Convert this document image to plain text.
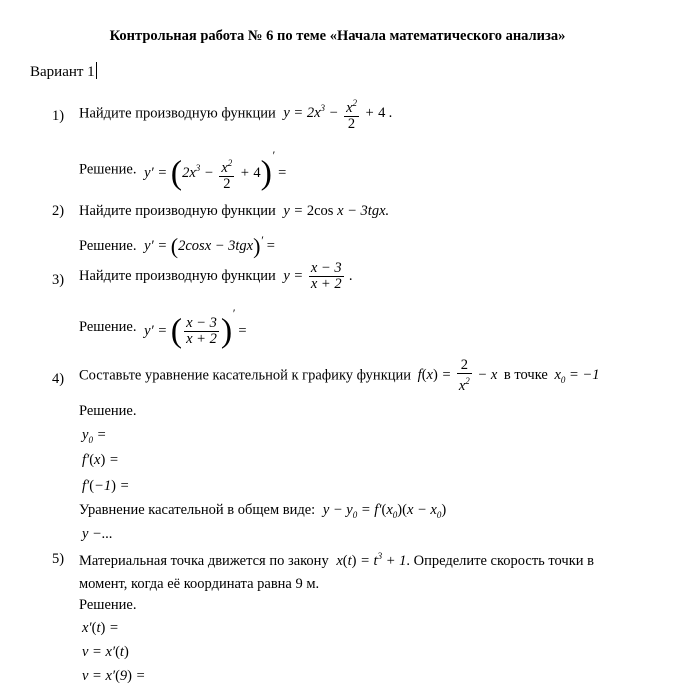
Контрольная работа № 6 по теме «Начала математического анализа»
Вариант 1
1) Найдите производную функции $y = 2x^3 - \frac{x^2}{2} + 4$ .
Решение. $y' = (2x^3 - \frac{x^2}{2} + 4)'$ =
2) Найдите производную функции y = 2cos x − 3tgx.
Решение. y′ = (2cosx − 3tgx)′ =
3) Найдите производную функции $y = \frac{x - 3}{x + 2}$ .
Решение. y′ = ( $\frac{x - 3}{x + 2} )'$ =
4) Составьте уравнение касательной к графику функции $f(x) = \frac{2}{x^2} - x$ в точке $x_0 = -1$
Решение.
$y_0$ =
f′(x) =
f′(−1) =
Уравнение касательной в общем виде: $y - y_0 = f'(x_0)(x - x_0)$
y −...
5) Материальная точка движется по закону $x(t) = t^3 + 1$. Определите скорость точки в
момент, когда её координата равна 9 м.
Решение.
x′(t) =
v = x′(t)
v = x′(9) =
